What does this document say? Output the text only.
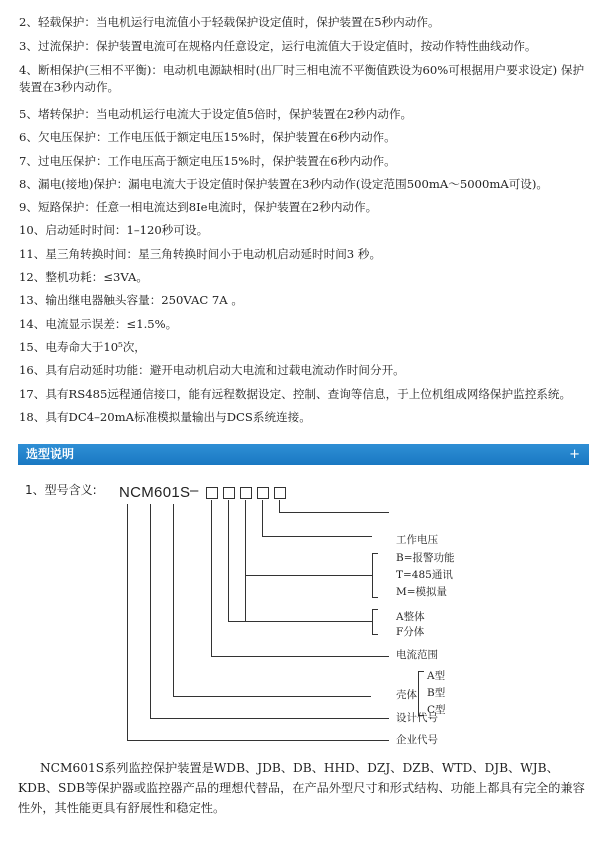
2、轻载保护：当电机运行电流值小于轻载保护设定值时，保护装置在5秒内动作。
3、过流保护：保护装置电流可在规格内任意设定，运行电流值大于设定值时，按动作特性曲线动作。
4、断相保护(三相不平衡)：电动机电源缺相时(出厂时三相电流不平衡值跌设为60%可根据用户要求设定) 保护装置在3秒内动作。
5、堵转保护：当电动机运行电流大于设定值5倍时，保护装置在2秒内动作。
6、欠电压保护：工作电压低于额定电压15%时，保护装置在6秒内动作。
7、过电压保护：工作电压高于额定电压15%时，保护装置在6秒内动作。
8、漏电(接地)保护：漏电电流大于设定值时保护装置在3秒内动作(设定范围500mA～5000mA可设)。
9、短路保护：任意一相电流达到8Ie电流时，保护装置在2秒内动作。
10、启动延时时间：1–120秒可设。
11、星三角转换时间：星三角转换时间小于电动机启动延时时间3 秒。
12、整机功耗：≤3VA。
13、输出继电器触头容量：250VAC 7A 。
14、电流显示误差：≤1.5%。
15、电寿命大于10⁵次，
16、具有启动延时功能：避开电动机启动大电流和过载电流动作时间分开。
17、具有RS485远程通信接口，能有远程数据设定、控制、查询等信息，于上位机组成网络保护监控系统。
18、具有DC4–20mA标准模拟量输出与DCS系统连接。
选型说明	+
1、型号含义: NCM601S –
工作电压
B=报警功能
T=485通讯
M=模拟量
A整体
F分体
电流范围
壳体
A型
B型
C型
设计代号
企业代号
NCM601S系列监控保护装置是WDB、JDB、DB、HHD、DZJ、DZB、WTD、DJB、WJB、KDB、SDB等保护器或监控器产品的理想代替品，在产品外型尺寸和形式结构、功能上都具有完全的兼容性外，其性能更具有舒展性和稳定性。
